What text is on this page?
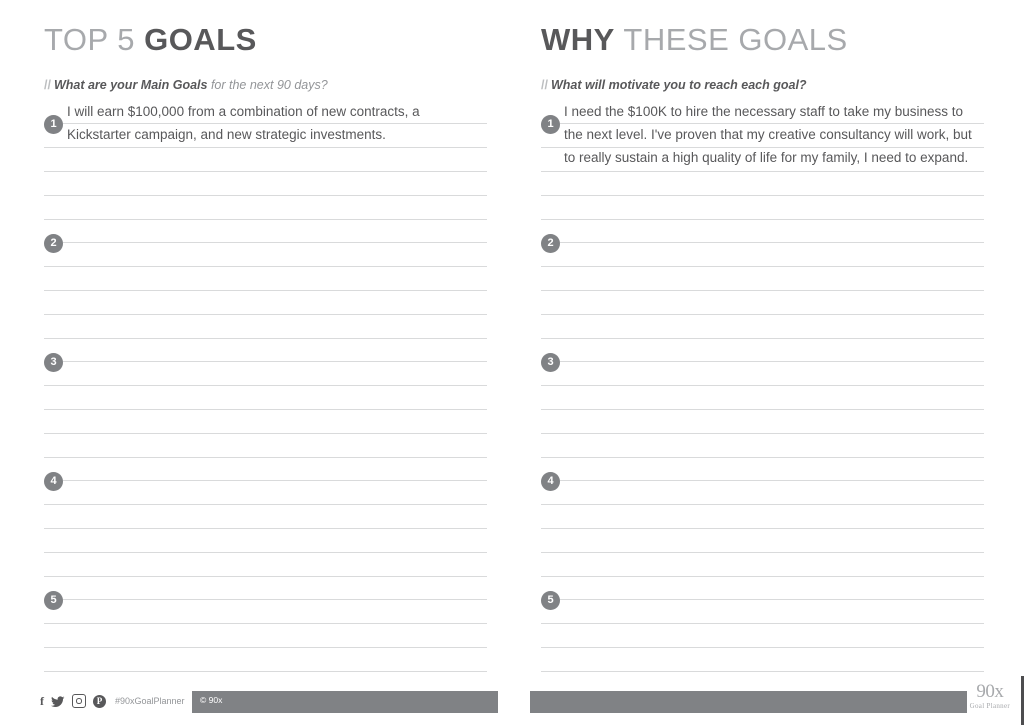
TOP 5 GOALS
// What are your Main Goals for the next 90 days?
1
I will earn $100,000 from a combination of new contracts, a Kickstarter campaign, and new strategic investments.
2
3
4
5
WHY THESE GOALS
// What will motivate you to reach each goal?
1
I need the $100K to hire the necessary staff to take my business to the next level. I've proven that my creative consultancy will work, but to really sustain a high quality of life for my family, I need to expand.
2
3
4
5
f	P	#90xGoalPlanner © 90x	90x
Goal Planner
